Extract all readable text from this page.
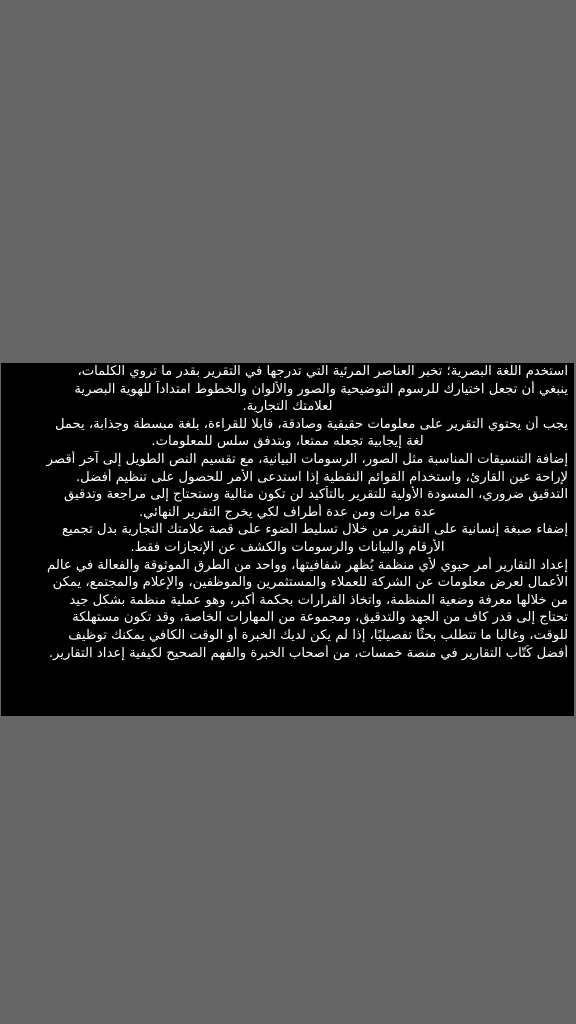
استخدم اللغة البصرية؛ تخبر العناصر المرئية التي تدرجها في التقرير بقدر ما تروي الكلمات،
ينبغي أن تجعل اختيارك للرسوم التوضيحية والصور والألوان والخطوط امتداداً للهوية البصرية
لعلامتك التجارية.
يجب أن يحتوي التقرير على معلومات حقيقية وصادقة، قابلا للقراءة، بلغة مبسطة وجذابة، يحمل
لغة إيجابية تجعله ممتعا، وبتدفق سلس للمعلومات.
إضافة التنسيقات المناسبة مثل الصور، الرسومات البيانية، مع تقسيم النص الطويل إلى آخر أقصر
لإراحة عين القارئ، واستخدام القوائم النقطية إذا استدعى الأمر للحصول على تنظيم أفضل.
التدقيق ضروري، المسودة الأولية للتقرير بالتأكيد لن تكون مثالية وستحتاج إلى مراجعة وتدقيق
عدة مرات ومن عدة أطراف لكي يخرج التقرير النهائي.
إضفاء صبغة إنسانية على التقرير من خلال تسليط الضوء على قصة علامتك التجارية بدل تجميع
الأرقام والبيانات والرسومات والكشف عن الإنجازات فقط.
إعداد التقارير أمر حيوي لأي منظمة يُظهر شفافيتها، وواحد من الطرق الموثوقة والفعالة في عالم
الأعمال لعرض معلومات عن الشركة للعملاء والمستثمرين والموظفين، والإعلام والمجتمع، يمكن
من خلالها معرفة وضعية المنظمة، واتخاذ القرارات بحكمة أكبر، وهو عملية منظمة بشكل جيد
تحتاج إلى قدر كاف من الجهد والتدقيق، ومجموعة من المهارات الخاصة، وقد تكون مستهلكة
للوقت، وغالبا ما تتطلب بحثًا تفصيليًا، إذا لم يكن لديك الخبرة أو الوقت الكافي يمكنك توظيف
أفضل كُتّاب التقارير في منصة خمسات، من أصحاب الخبرة والفهم الصحيح لكيفية إعداد التقارير.
